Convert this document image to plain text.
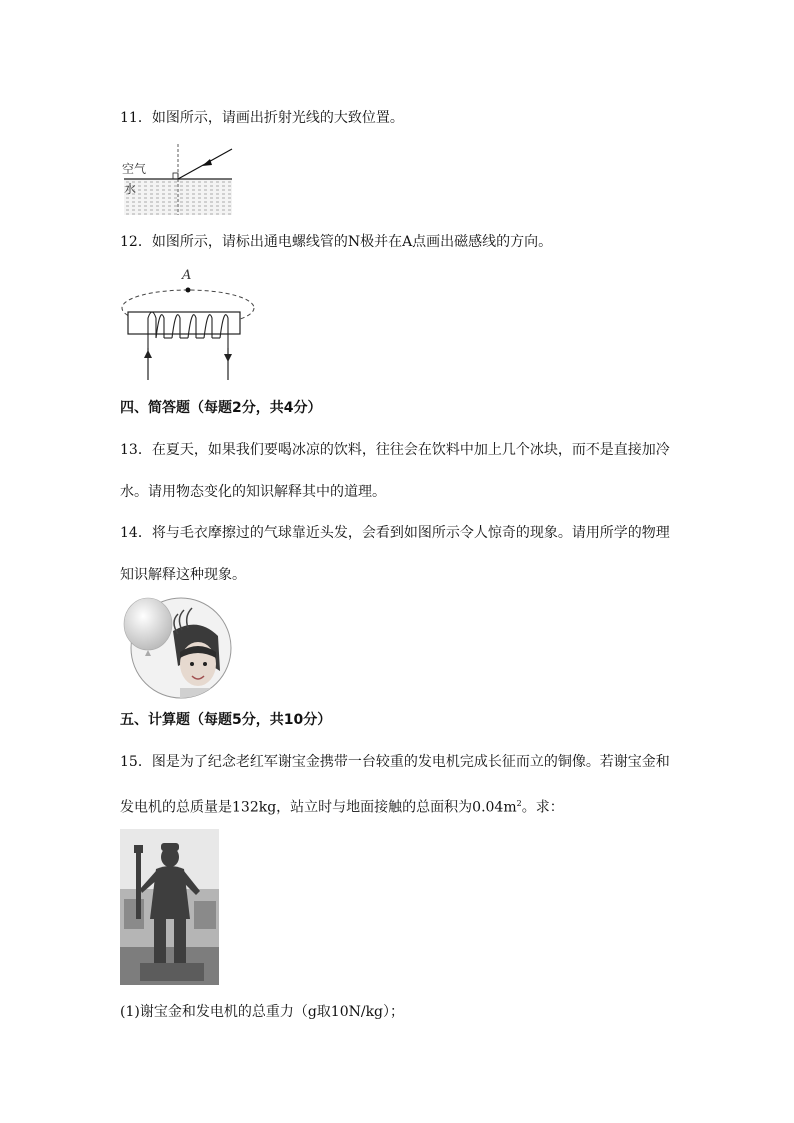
11．如图所示，请画出折射光线的大致位置。
空气
水
12．如图所示，请标出通电螺线管的N极并在A点画出磁感线的方向。
A
四、简答题（每题2分，共4分）
13．在夏天，如果我们要喝冰凉的饮料，往往会在饮料中加上几个冰块，而不是直接加冷
水。请用物态变化的知识解释其中的道理。
14．将与毛衣摩擦过的气球靠近头发，会看到如图所示令人惊奇的现象。请用所学的物理
知识解释这种现象。
五、计算题（每题5分，共10分）
15．图是为了纪念老红军谢宝金携带一台较重的发电机完成长征而立的铜像。若谢宝金和
发电机的总质量是132kg，站立时与地面接触的总面积为$0.04m^2$。求：
(1)谢宝金和发电机的总重力（g取10N/kg）；
